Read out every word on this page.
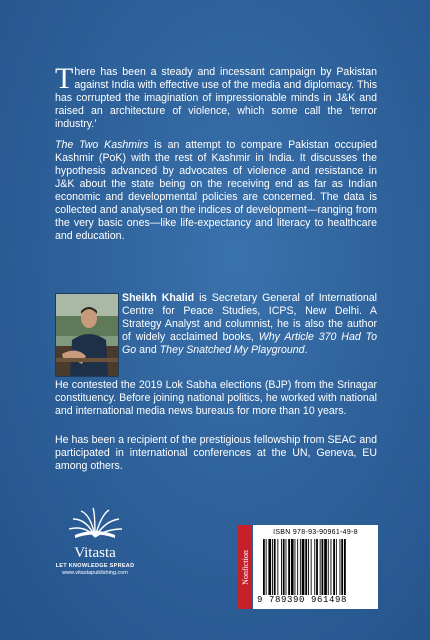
There has been a steady and incessant campaign by Pakistan against India with effective use of the media and diplomacy. This has corrupted the imagination of impressionable minds in J&K and raised an architecture of violence, which some call the ‘terror industry.’
The Two Kashmirs is an attempt to compare Pakistan occupied Kashmir (PoK) with the rest of Kashmir in India. It discusses the hypothesis advanced by advocates of violence and resistance in J&K about the state being on the receiving end as far as Indian economic and developmental policies are concerned. The data is collected and analysed on the indices of development—ranging from the very basic ones—like life-expectancy and literacy to healthcare and education.
Sheikh Khalid is Secretary General of International Centre for Peace Studies, ICPS, New Delhi. A Strategy Analyst and columnist, he is also the author of widely acclaimed books, Why Article 370 Had To Go and They Snatched My Playground.
He contested the 2019 Lok Sabha elections (BJP) from the Srinagar constituency. Before joining national politics, he worked with national and international media news bureaus for more than 10 years.
He has been a recipient of the prestigious fellowship from SEAC and participated in international conferences at the UN, Geneva, EU among others.
Vitasta
LET KNOWLEDGE SPREAD
www.vitastapublishing.com	Nonfiction
ISBN 978-93-90961-49-8
9 789390 961498
